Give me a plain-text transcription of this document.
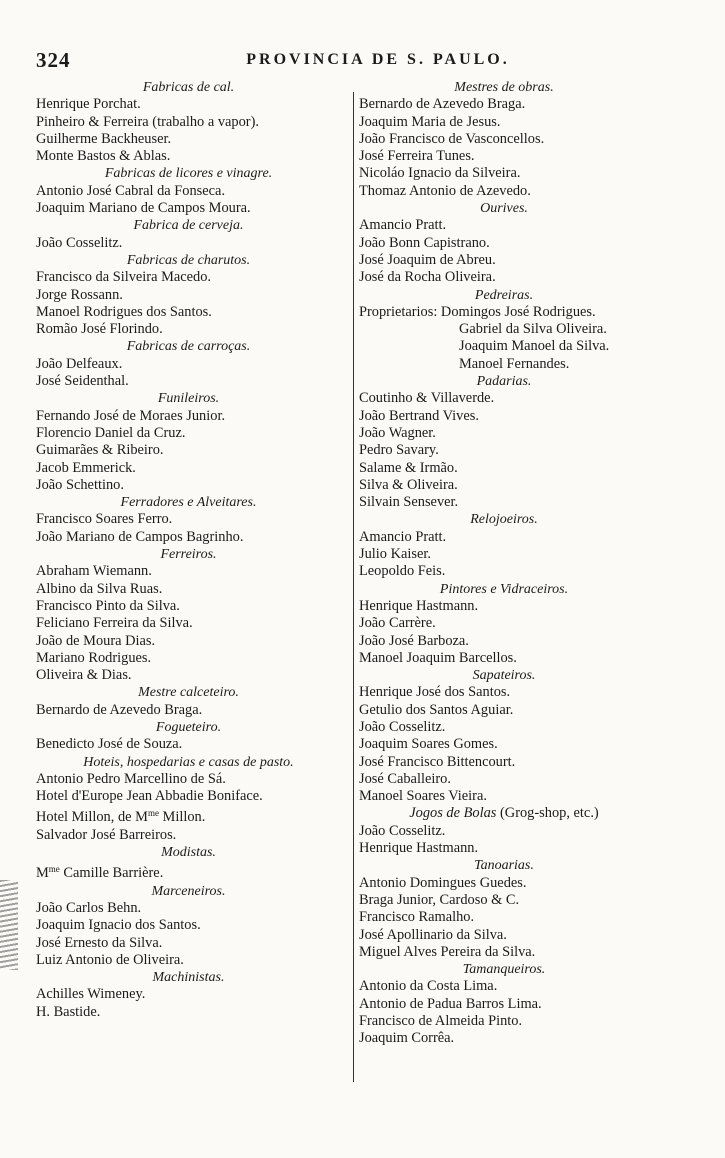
324	PROVINCIA DE S. PAULO.
Fabricas de cal.
Henrique Porchat.
Pinheiro & Ferreira (trabalho a vapor).
Guilherme Backheuser.
Monte Bastos & Ablas.
Fabricas de licores e vinagre.
Antonio José Cabral da Fonseca.
Joaquim Mariano de Campos Moura.
Fabrica de cerveja.
João Cosselitz.
Fabricas de charutos.
Francisco da Silveira Macedo.
Jorge Rossann.
Manoel Rodrigues dos Santos.
Romão José Florindo.
Fabricas de carroças.
João Delfeaux.
José Seidenthal.
Funileiros.
Fernando José de Moraes Junior.
Florencio Daniel da Cruz.
Guimarães & Ribeiro.
Jacob Emmerick.
João Schettino.
Ferradores e Alveitares.
Francisco Soares Ferro.
João Mariano de Campos Bagrinho.
Ferreiros.
Abraham Wiemann.
Albino da Silva Ruas.
Francisco Pinto da Silva.
Feliciano Ferreira da Silva.
João de Moura Dias.
Mariano Rodrigues.
Oliveira & Dias.
Mestre calceteiro.
Bernardo de Azevedo Braga.
Fogueteiro.
Benedicto José de Souza.
Hoteis, hospedarias e casas de pasto.
Antonio Pedro Marcellino de Sá.
Hotel d'Europe Jean Abbadie Boniface.
Hotel Millon, de $M^{me}$ Millon.
Salvador José Barreiros.
Modistas.
$M^{me}$ Camille Barrière.
Marceneiros.
João Carlos Behn.
Joaquim Ignacio dos Santos.
José Ernesto da Silva.
Luiz Antonio de Oliveira.
Machinistas.
Achilles Wimeney.
H. Bastide.
Mestres de obras.
Bernardo de Azevedo Braga.
Joaquim Maria de Jesus.
João Francisco de Vasconcellos.
José Ferreira Tunes.
Nicoláo Ignacio da Silveira.
Thomaz Antonio de Azevedo.
Ourives.
Amancio Pratt.
João Bonn Capistrano.
José Joaquim de Abreu.
José da Rocha Oliveira.
Pedreiras.
Proprietarios: Domingos José Rodrigues.
Gabriel da Silva Oliveira.
Joaquim Manoel da Silva.
Manoel Fernandes.
Padarias.
Coutinho & Villaverde.
João Bertrand Vives.
João Wagner.
Pedro Savary.
Salame & Irmão.
Silva & Oliveira.
Silvain Sensever.
Relojoeiros.
Amancio Pratt.
Julio Kaiser.
Leopoldo Feis.
Pintores e Vidraceiros.
Henrique Hastmann.
João Carrère.
João José Barboza.
Manoel Joaquim Barcellos.
Sapateiros.
Henrique José dos Santos.
Getulio dos Santos Aguiar.
João Cosselitz.
Joaquim Soares Gomes.
José Francisco Bittencourt.
José Caballeiro.
Manoel Soares Vieira.
Jogos de Bolas (Grog-shop, etc.)
João Cosselitz.
Henrique Hastmann.
Tanoarias.
Antonio Domingues Guedes.
Braga Junior, Cardoso & C.
Francisco Ramalho.
José Apollinario da Silva.
Miguel Alves Pereira da Silva.
Tamanqueiros.
Antonio da Costa Lima.
Antonio de Padua Barros Lima.
Francisco de Almeida Pinto.
Joaquim Corrêa.
